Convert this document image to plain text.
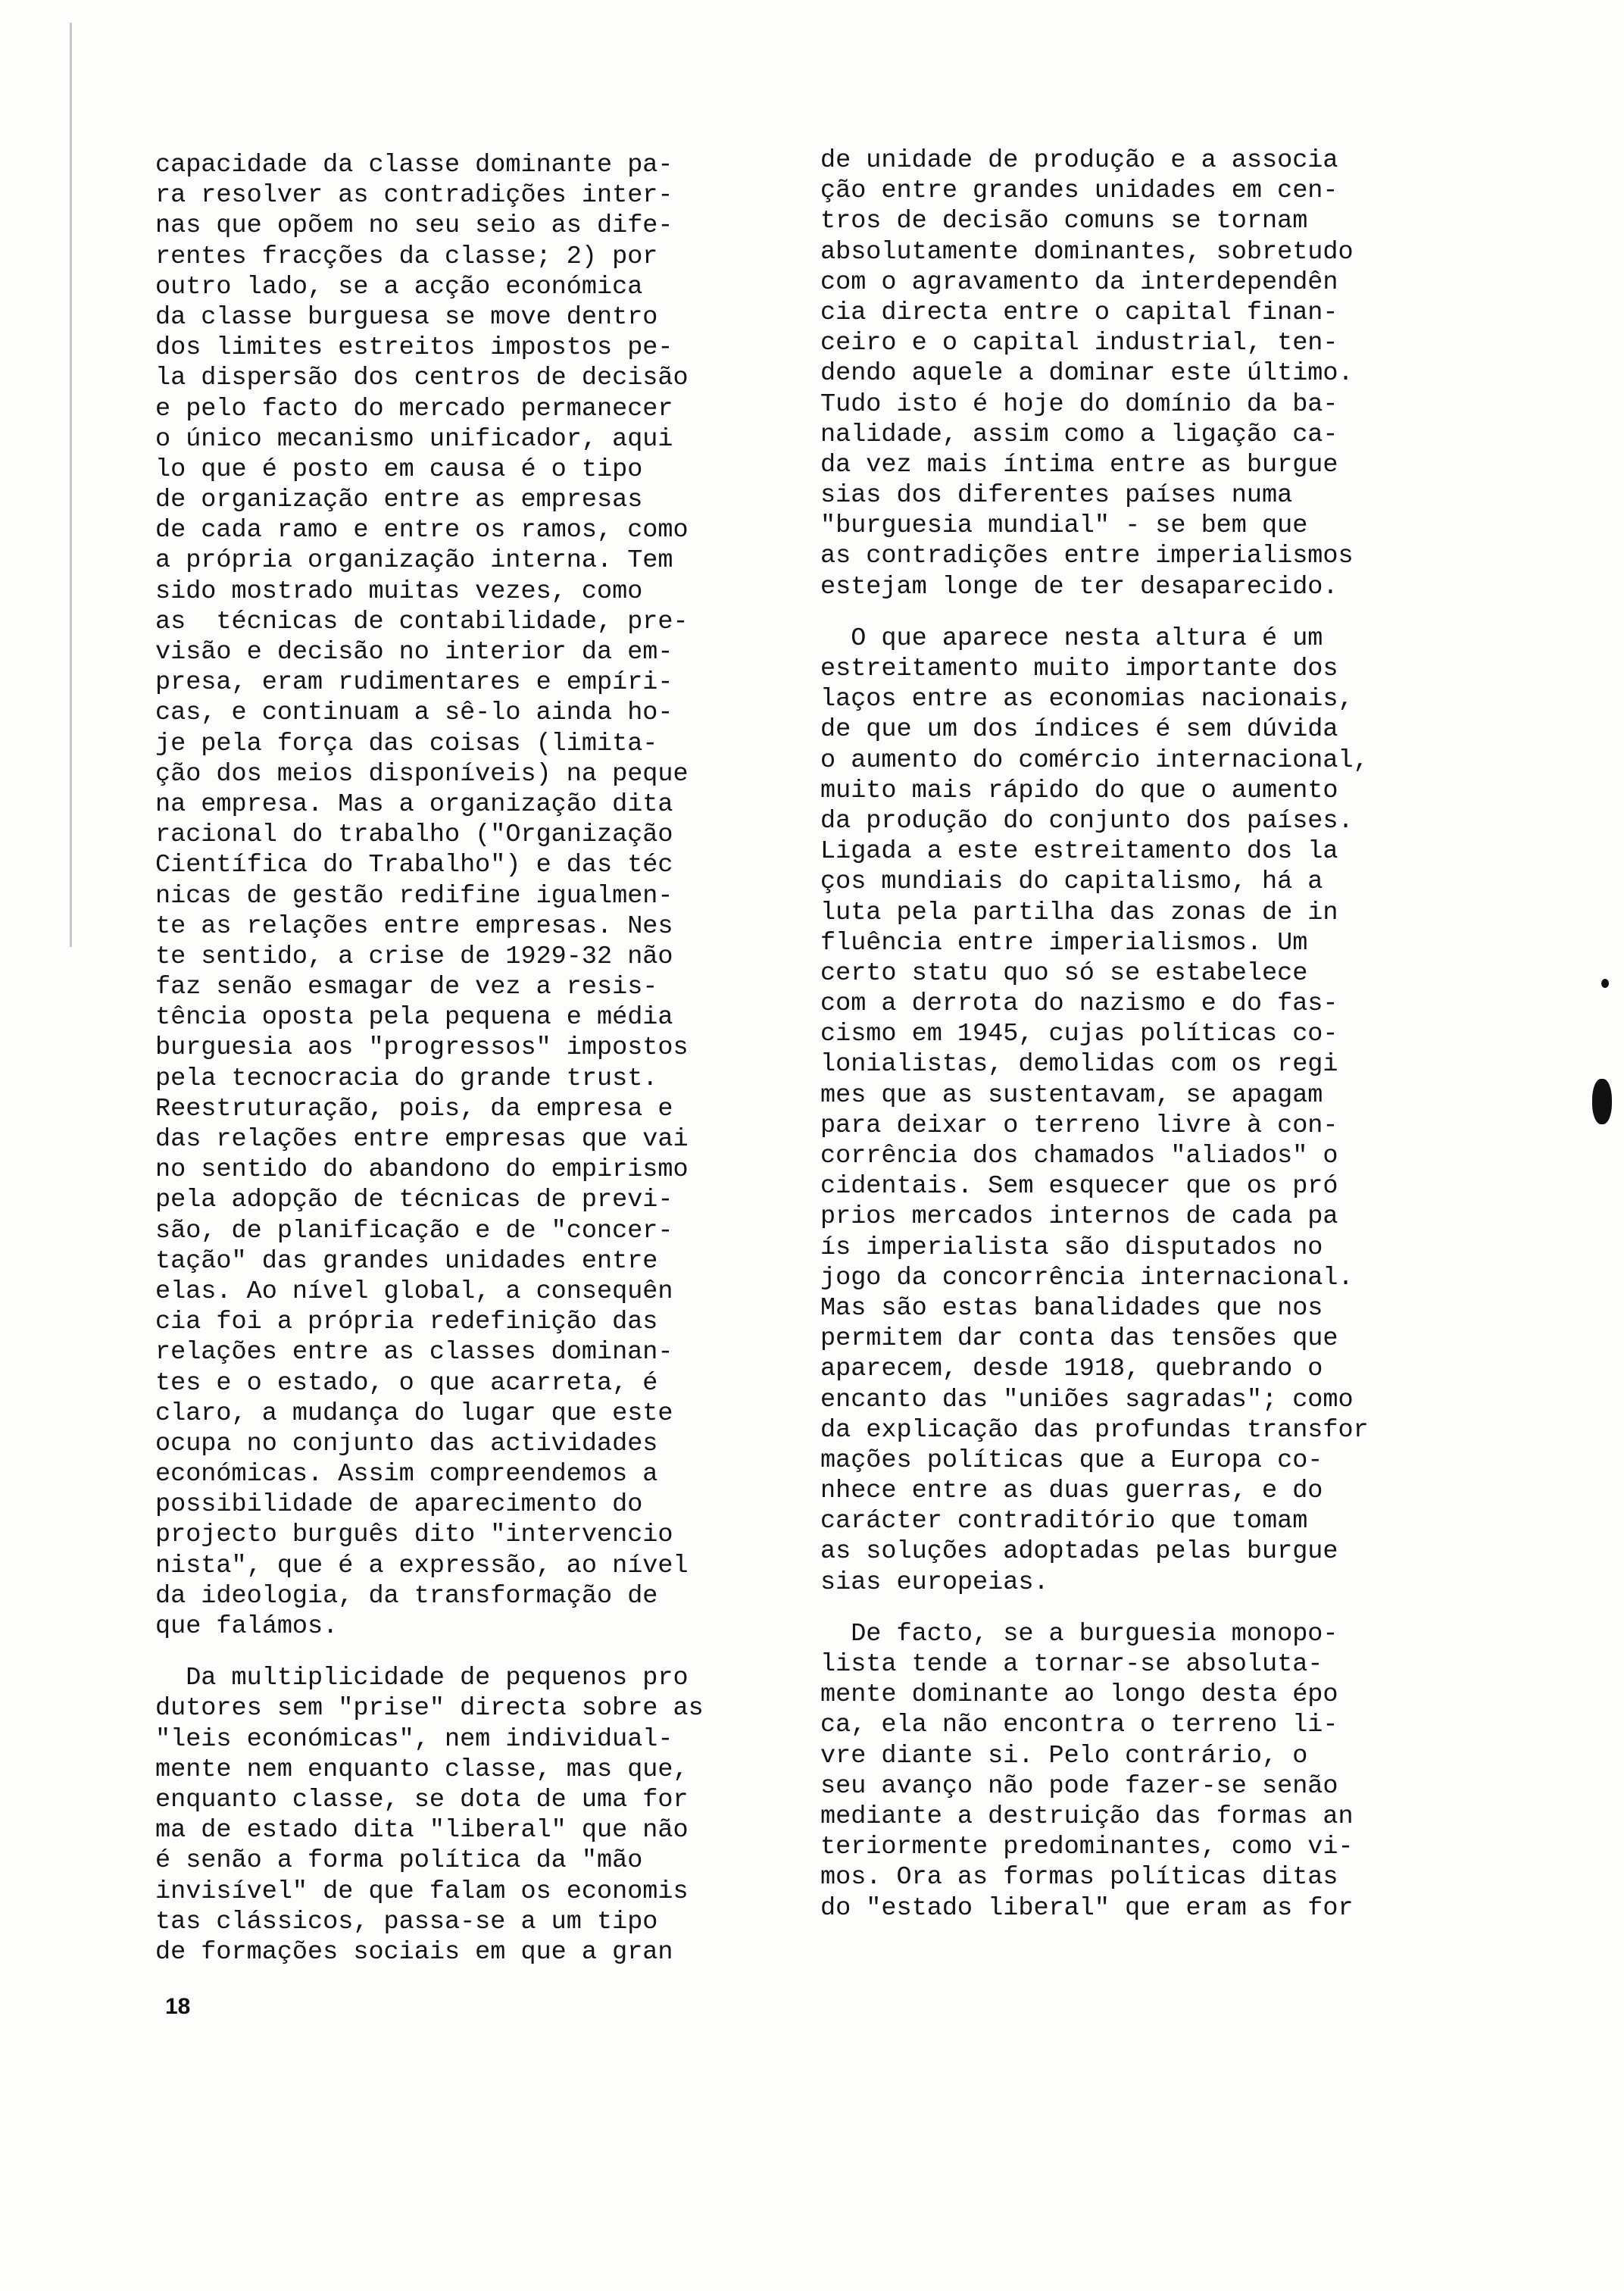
capacidade da classe dominante pa-
ra resolver as contradições inter-
nas que opõem no seu seio as dife-
rentes fracções da classe; 2) por
outro lado, se a acção económica
da classe burguesa se move dentro
dos limites estreitos impostos pe-
la dispersão dos centros de decisão
e pelo facto do mercado permanecer
o único mecanismo unificador, aqui
lo que é posto em causa é o tipo
de organização entre as empresas
de cada ramo e entre os ramos, como
a própria organização interna. Tem
sido mostrado muitas vezes, como
as  técnicas de contabilidade, pre-
visão e decisão no interior da em-
presa, eram rudimentares e empíri-
cas, e continuam a sê-lo ainda ho-
je pela força das coisas (limita-
ção dos meios disponíveis) na peque
na empresa. Mas a organização dita
racional do trabalho ("Organização
Científica do Trabalho") e das téc
nicas de gestão redifine igualmen-
te as relações entre empresas. Nes
te sentido, a crise de 1929-32 não
faz senão esmagar de vez a resis-
tência oposta pela pequena e média
burguesia aos "progressos" impostos
pela tecnocracia do grande trust.
Reestruturação, pois, da empresa e
das relações entre empresas que vai
no sentido do abandono do empirismo
pela adopção de técnicas de previ-
são, de planificação e de "concer-
tação" das grandes unidades entre
elas. Ao nível global, a consequên
cia foi a própria redefinição das
relações entre as classes dominan-
tes e o estado, o que acarreta, é
claro, a mudança do lugar que este
ocupa no conjunto das actividades
económicas. Assim compreendemos a
possibilidade de aparecimento do
projecto burguês dito "intervencio
nista", que é a expressão, ao nível
da ideologia, da transformação de
que falámos.
Da multiplicidade de pequenos pro
dutores sem "prise" directa sobre as
"leis económicas", nem individual-
mente nem enquanto classe, mas que,
enquanto classe, se dota de uma for
ma de estado dita "liberal" que não
é senão a forma política da "mão
invisível" de que falam os economis
tas clássicos, passa-se a um tipo
de formações sociais em que a gran
de unidade de produção e a associa
ção entre grandes unidades em cen-
tros de decisão comuns se tornam
absolutamente dominantes, sobretudo
com o agravamento da interdependên
cia directa entre o capital finan-
ceiro e o capital industrial, ten-
dendo aquele a dominar este último.
Tudo isto é hoje do domínio da ba-
nalidade, assim como a ligação ca-
da vez mais íntima entre as burgue
sias dos diferentes países numa
"burguesia mundial" - se bem que
as contradições entre imperialismos
estejam longe de ter desaparecido.
O que aparece nesta altura é um
estreitamento muito importante dos
laços entre as economias nacionais,
de que um dos índices é sem dúvida
o aumento do comércio internacional,
muito mais rápido do que o aumento
da produção do conjunto dos países.
Ligada a este estreitamento dos la
ços mundiais do capitalismo, há a
luta pela partilha das zonas de in
fluência entre imperialismos. Um
certo statu quo só se estabelece
com a derrota do nazismo e do fas-
cismo em 1945, cujas políticas co-
lonialistas, demolidas com os regi
mes que as sustentavam, se apagam
para deixar o terreno livre à con-
corrência dos chamados "aliados" o
cidentais. Sem esquecer que os pró
prios mercados internos de cada pa
ís imperialista são disputados no
jogo da concorrência internacional.
Mas são estas banalidades que nos
permitem dar conta das tensões que
aparecem, desde 1918, quebrando o
encanto das "uniões sagradas"; como
da explicação das profundas transfor
mações políticas que a Europa co-
nhece entre as duas guerras, e do
carácter contraditório que tomam
as soluções adoptadas pelas burgue
sias europeias.
De facto, se a burguesia monopo-
lista tende a tornar-se absoluta-
mente dominante ao longo desta épo
ca, ela não encontra o terreno li-
vre diante si. Pelo contrário, o
seu avanço não pode fazer-se senão
mediante a destruição das formas an
teriormente predominantes, como vi-
mos. Ora as formas políticas ditas
do "estado liberal" que eram as for
18
